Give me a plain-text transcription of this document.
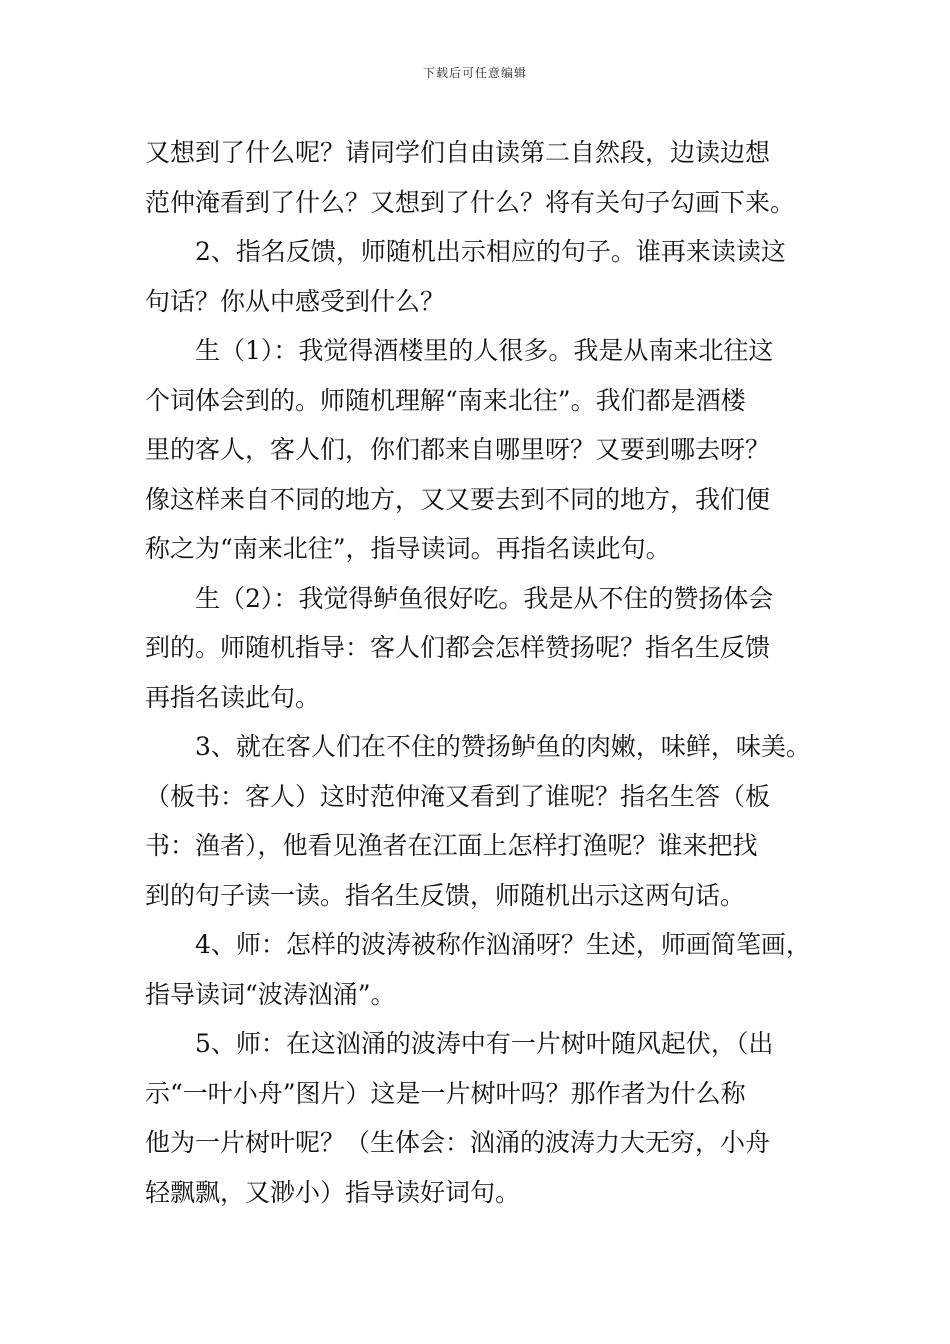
下载后可任意编辑

又想到了什么呢？请同学们自由读第二自然段，边读边想
范仲淹看到了什么？又想到了什么？将有关句子勾画下来。

2、指名反馈，师随机出示相应的句子。谁再来读读这
句话？你从中感受到什么？

生（1）：我觉得酒楼里的人很多。我是从南来北往这
个词体会到的。师随机理解“南来北往”。我们都是酒楼
里的客人，客人们，你们都来自哪里呀？又要到哪去呀？
像这样来自不同的地方，又又要去到不同的地方，我们便
称之为“南来北往”，指导读词。再指名读此句。

生（2）：我觉得鲈鱼很好吃。我是从不住的赞扬体会
到的。师随机指导：客人们都会怎样赞扬呢？指名生反馈
再指名读此句。

3、就在客人们在不住的赞扬鲈鱼的肉嫩，味鲜，味美。
（板书：客人）这时范仲淹又看到了谁呢？指名生答（板
书：渔者），他看见渔者在江面上怎样打渔呢？谁来把找
到的句子读一读。指名生反馈，师随机出示这两句话。

4、师：怎样的波涛被称作汹涌呀？生述，师画简笔画，
指导读词“波涛汹涌”。

5、师：在这汹涌的波涛中有一片树叶随风起伏，（出
示“一叶小舟”图片）这是一片树叶吗？那作者为什么称
他为一片树叶呢？（生体会：汹涌的波涛力大无穷，小舟
轻飘飘，又渺小）指导读好词句。
